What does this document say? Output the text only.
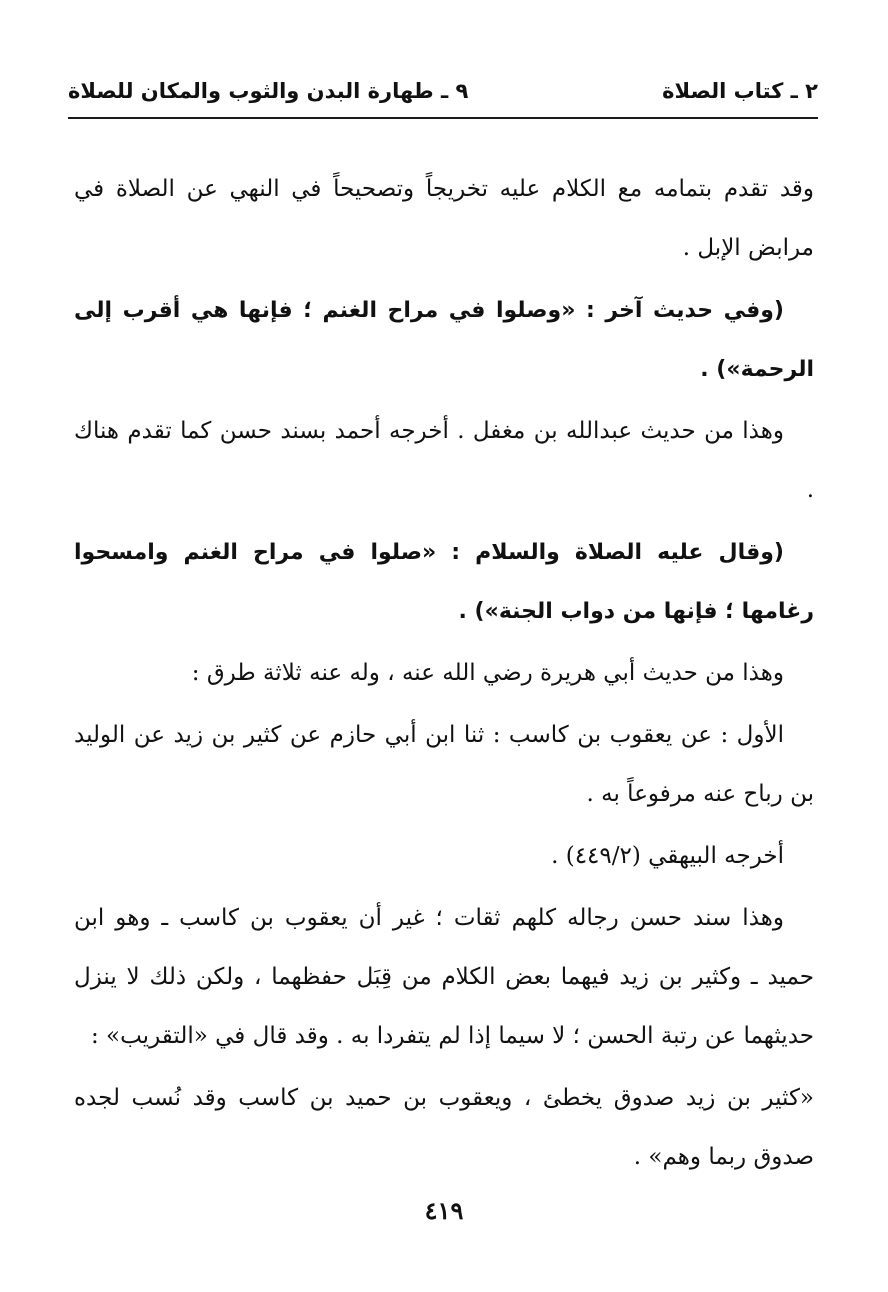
٢ ـ كتاب الصلاة
٩ ـ طهارة البدن والثوب والمكان للصلاة

وقد تقدم بتمامه مع الكلام عليه تخريجاً وتصحيحاً في النهي عن الصلاة في مرابض الإبل .

(وفي حديث آخر : «وصلوا في مراح الغنم ؛ فإنها هي أقرب إلى الرحمة») .

وهذا من حديث عبدالله بن مغفل . أخرجه أحمد بسند حسن كما تقدم هناك .

(وقال عليه الصلاة والسلام : «صلوا في مراح الغنم وامسحوا رغامها ؛ فإنها من دواب الجنة») .

وهذا من حديث أبي هريرة رضي الله عنه ، وله عنه ثلاثة طرق :

الأول : عن يعقوب بن كاسب : ثنا ابن أبي حازم عن كثير بن زيد عن الوليد بن رباح عنه مرفوعاً به .

أخرجه البيهقي (٤٤٩/٢) .

وهذا سند حسن رجاله كلهم ثقات ؛ غير أن يعقوب بن كاسب ـ وهو ابن حميد ـ وكثير بن زيد فيهما بعض الكلام من قِبَل حفظهما ، ولكن ذلك لا ينزل حديثهما عن رتبة الحسن ؛ لا سيما إذا لم يتفردا به . وقد قال في «التقريب» :

«كثير بن زيد صدوق يخطئ ، ويعقوب بن حميد بن كاسب وقد نُسب لجده صدوق ربما وهم» .

٤١٩
